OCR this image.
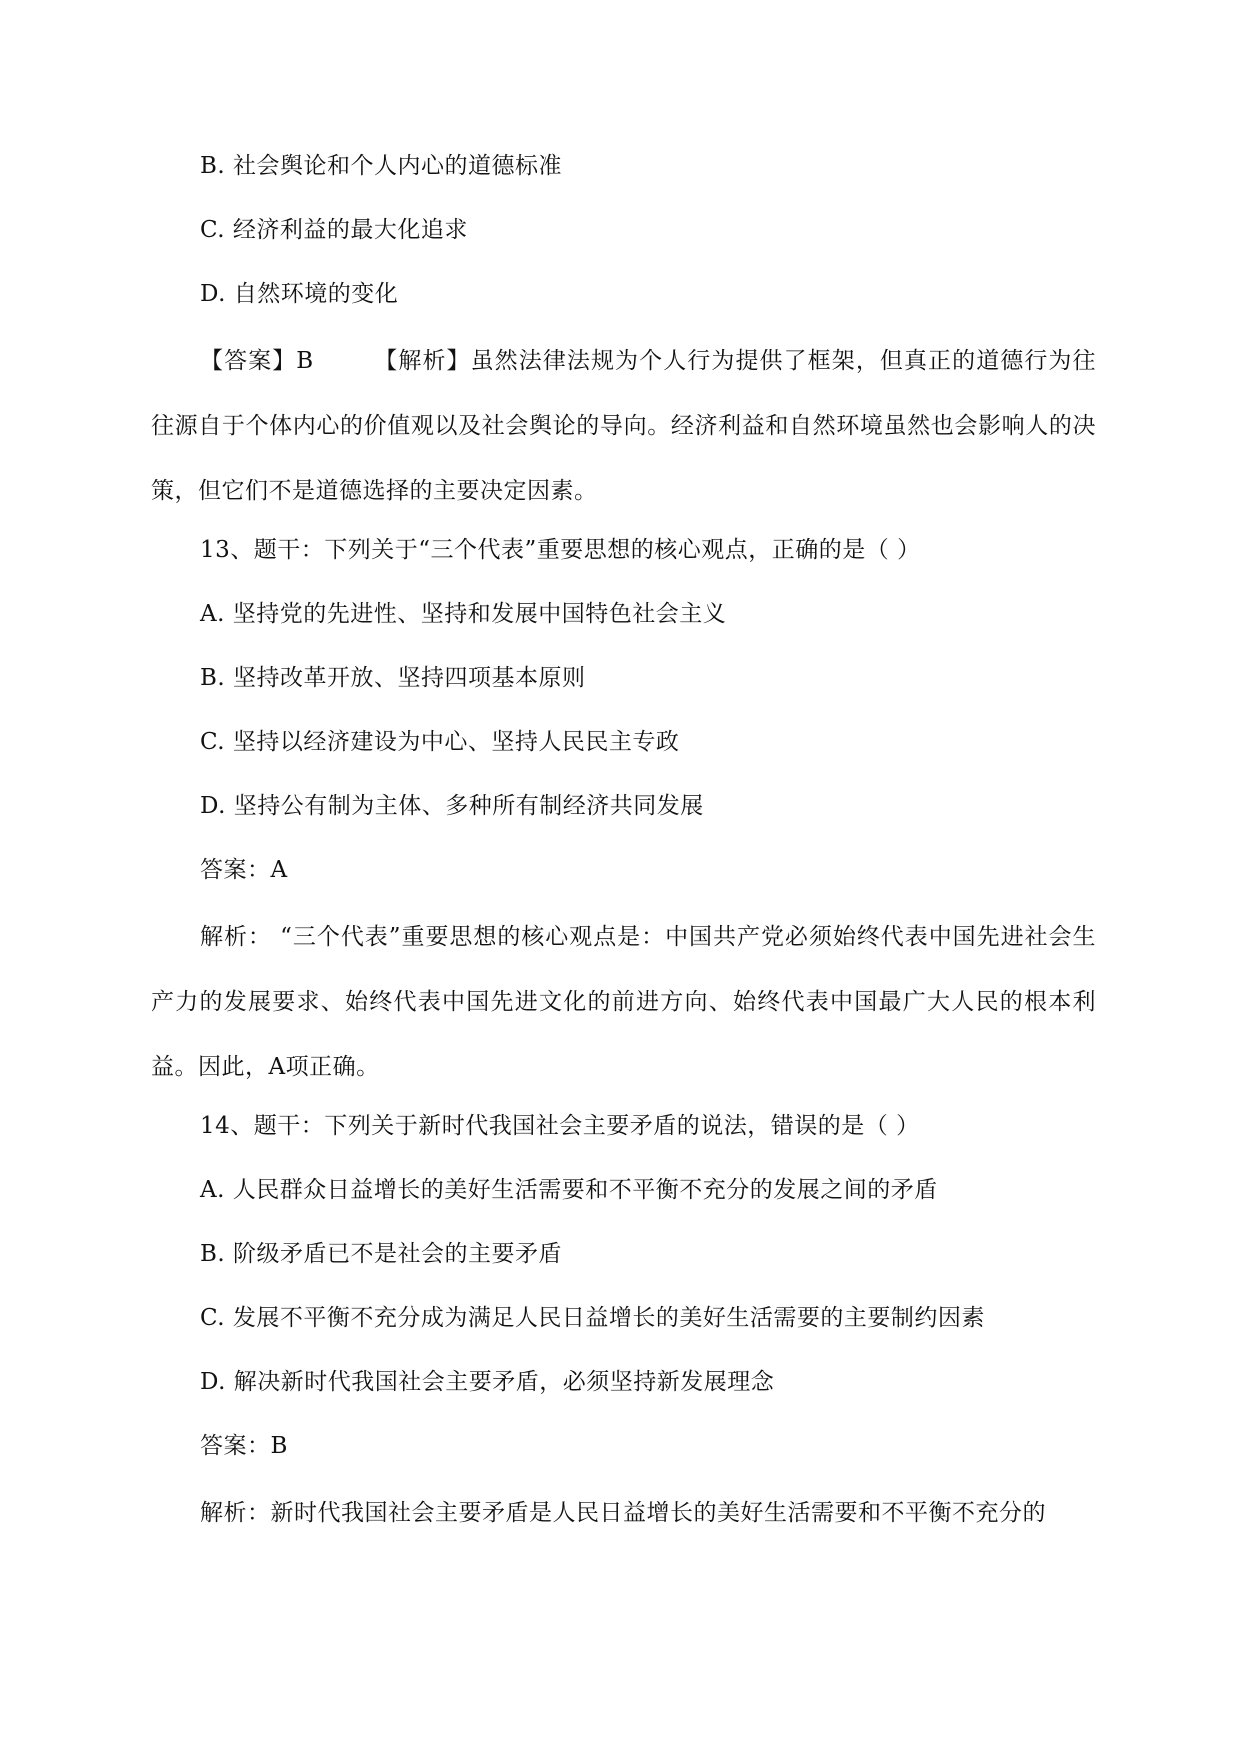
B. 社会舆论和个人内心的道德标准
C. 经济利益的最大化追求
D. 自然环境的变化
【答案】B	【解析】虽然法律法规为个人行为提供了框架，但真正的道德行为往往源自于个体内心的价值观以及社会舆论的导向。经济利益和自然环境虽然也会影响人的决策，但它们不是道德选择的主要决定因素。
13、题干：下列关于“三个代表”重要思想的核心观点，正确的是（ ）
A. 坚持党的先进性、坚持和发展中国特色社会主义
B. 坚持改革开放、坚持四项基本原则
C. 坚持以经济建设为中心、坚持人民民主专政
D. 坚持公有制为主体、多种所有制经济共同发展
答案：A
解析： “三个代表”重要思想的核心观点是：中国共产党必须始终代表中国先进社会生产力的发展要求、始终代表中国先进文化的前进方向、始终代表中国最广大人民的根本利益。因此，A项正确。
14、题干：下列关于新时代我国社会主要矛盾的说法，错误的是（ ）
A. 人民群众日益增长的美好生活需要和不平衡不充分的发展之间的矛盾
B. 阶级矛盾已不是社会的主要矛盾
C. 发展不平衡不充分成为满足人民日益增长的美好生活需要的主要制约因素
D. 解决新时代我国社会主要矛盾，必须坚持新发展理念
答案：B
解析：新时代我国社会主要矛盾是人民日益增长的美好生活需要和不平衡不充分的
